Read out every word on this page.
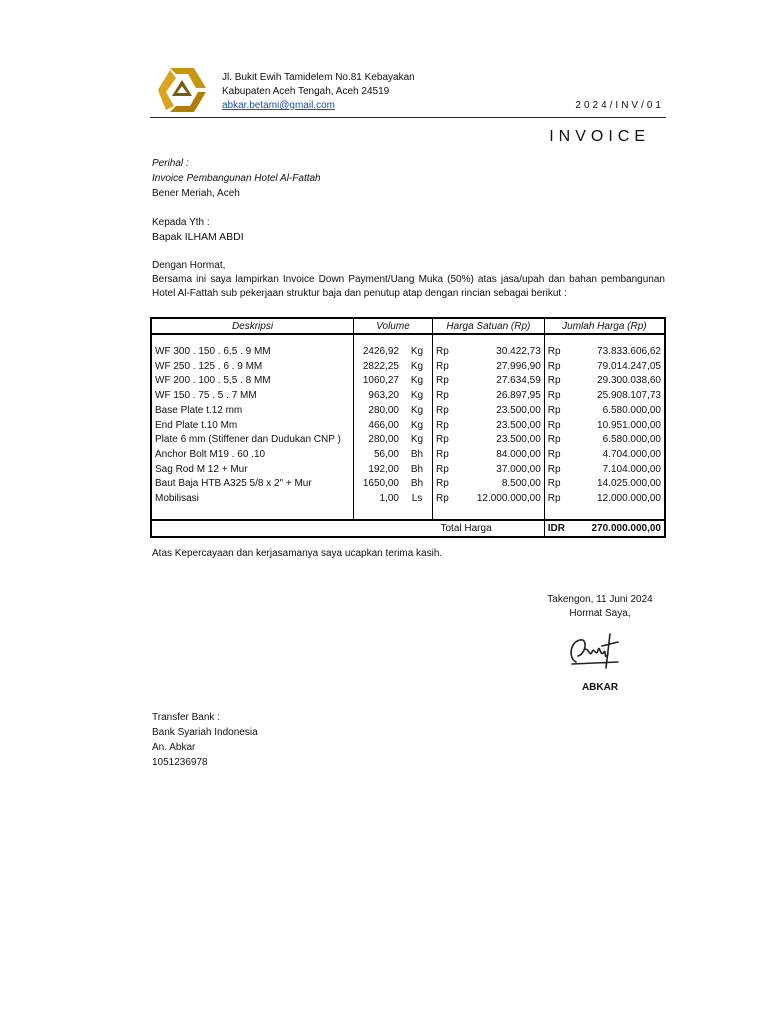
Jl. Bukit Ewih Tamidelem No.81 Kebayakan
Kabupaten Aceh Tengah, Aceh 24519
abkar.betami@gmail.com	2024/INV/01
INVOICE
Perihal :
Invoice Pembangunan Hotel Al-Fattah
Bener Meriah, Aceh
Kepada Yth :
Bapak ILHAM ABDI
Dengan Hormat,
Bersama ini saya lampirkan Invoice Down Payment/Uang Muka (50%) atas jasa/upah dan bahan pembangunan Hotel Al-Fattah sub pekerjaan struktur baja dan penutup atap dengan rincian sebagai berikut :
Deskripsi	Volume		Harga Satuan (Rp)		Jumlah Harga (Rp)	

WF 300 . 150 . 6,5 . 9 MM	2426,92	Kg	Rp	30.422,73	Rp	73.833.606,62
WF 250 . 125 . 6 . 9 MM	2822,25	Kg	Rp	27.996,90	Rp	79.014.247,05
WF 200 . 100 . 5,5 . 8 MM	1060,27	Kg	Rp	27.634,59	Rp	29.300.038,60
WF 150 . 75 . 5 . 7 MM	963,20	Kg	Rp	26.897,95	Rp	25.908.107,73
Base Plate t.12 mm	280,00	Kg	Rp	23.500,00	Rp	6.580.000,00
End Plate t.10 Mm	466,00	Kg	Rp	23.500,00	Rp	10.951.000,00
Plate 6 mm (Stiffener dan Dudukan CNP )	280,00	Kg	Rp	23.500,00	Rp	6.580.000,00
Anchor Bolt M19 . 60 .10	56,00	Bh	Rp	84.000,00	Rp	4.704.000,00
Sag Rod M 12 + Mur	192,00	Bh	Rp	37.000,00	Rp	7.104.000,00
Baut Baja HTB A325 5/8 x 2" + Mur	1650,00	Bh	Rp	8.500,00	Rp	14.025.000,00
Mobilisasi	1,00	Ls	Rp	12.000.000,00	Rp	12.000.000,00

			Total Harga		IDR	270.000.000,00
Atas Kepercayaan dan kerjasamanya saya ucapkan terima kasih.
Takengon, 11 Juni 2024
Hormat Saya,
ABKAR
Transfer Bank :
Bank Syariah Indonesia
An. Abkar
1051236978
